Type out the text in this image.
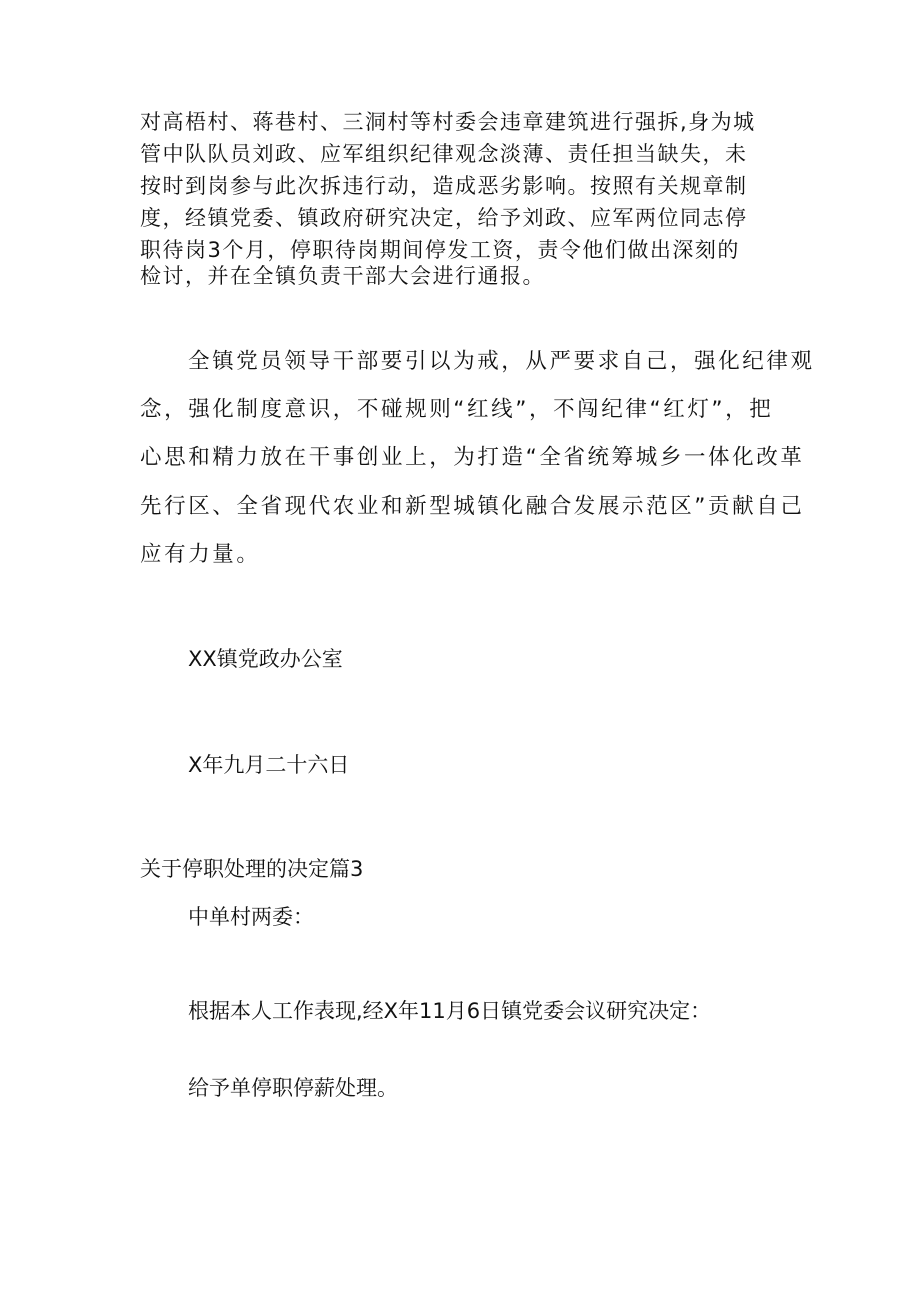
对高梧村、蒋巷村、三洞村等村委会违章建筑进行强拆,身为城
管中队队员刘政、应军组织纪律观念淡薄、责任担当缺失，未
按时到岗参与此次拆违行动，造成恶劣影响。按照有关规章制
度，经镇党委、镇政府研究决定，给予刘政、应军两位同志停
职待岗3个月，停职待岗期间停发工资，责令他们做出深刻的
检讨，并在全镇负责干部大会进行通报。
全镇党员领导干部要引以为戒，从严要求自己，强化纪律观
念，强化制度意识，不碰规则“红线”，不闯纪律“红灯”，把
心思和精力放在干事创业上，为打造“全省统筹城乡一体化改革
先行区、全省现代农业和新型城镇化融合发展示范区”贡献自己
应有力量。
XX镇党政办公室
X年九月二十六日
关于停职处理的决定篇3
中单村两委：
根据本人工作表现,经X年11月6日镇党委会议研究决定：
给予单停职停薪处理。
